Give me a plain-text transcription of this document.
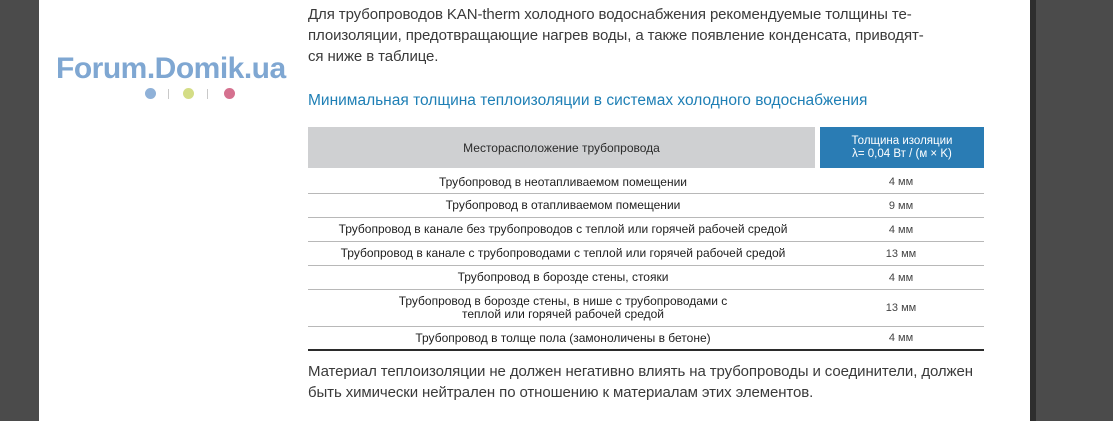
Для трубопроводов KAN-therm холодного водоснабжения рекомендуемые толщины те-
плоизоляции, предотвращающие нагрев воды, а также появление конденсата, приводят-
ся ниже в таблице.

Forum.Domik.ua
Минимальная толщина теплоизоляции в системах холодного водоснабжения
Месторасположение трубопровода	Толщина изоляции
λ= 0,04 Вт / (м × K)
Трубопровод в неотапливаемом помещении	4 мм
Трубопровод в отапливаемом помещении	9 мм
Трубопровод в канале без трубопроводов с теплой или горячей рабочей средой	4 мм
Трубопровод в канале с трубопроводами с теплой или горячей рабочей средой	13 мм
Трубопровод в борозде стены, стояки	4 мм
Трубопровод в борозде стены, в нише с трубопроводами с теплой или горячей рабочей средой	13 мм
Трубопровод в толще пола (замоноличены в бетоне)	4 мм

Материал теплоизоляции не должен негативно влиять на трубопроводы и соединители, должен
быть химически нейтрален по отношению к материалам этих элементов.
